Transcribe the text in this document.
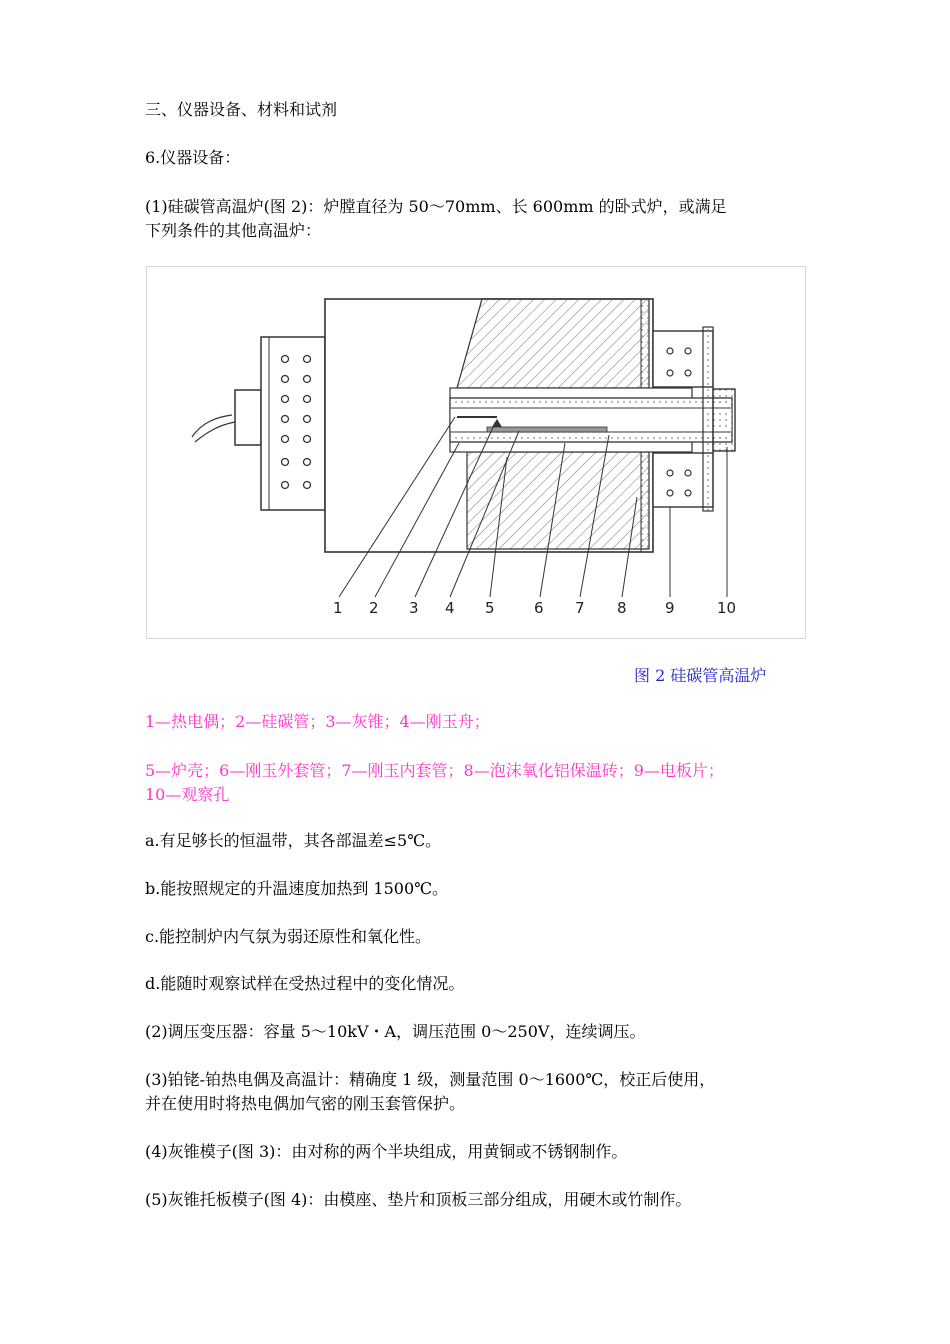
三、仪器设备、材料和试剂

6.仪器设备：

(1)硅碳管高温炉(图 2)：炉膛直径为 50～70mm、长 600mm 的卧式炉，或满足

下列条件的其他高温炉：

1 2 3 4 5	6 7 8	9	10
图 2 硅碳管高温炉

1—热电偶；2—硅碳管；3—灰锥；4—刚玉舟；

5—炉壳；6—刚玉外套管；7—刚玉内套管；8—泡沫氧化铝保温砖；9—电板片；

10—观察孔

a.有足够长的恒温带，其各部温差≤5℃。

b.能按照规定的升温速度加热到 1500℃。

c.能控制炉内气氛为弱还原性和氧化性。

d.能随时观察试样在受热过程中的变化情况。

(2)调压变压器：容量 5～10kV・A，调压范围 0～250V，连续调压。

(3)铂铑-铂热电偶及高温计：精确度 1 级，测量范围 0～1600℃，校正后使用，

并在使用时将热电偶加气密的刚玉套管保护。

(4)灰锥模子(图 3)：由对称的两个半块组成，用黄铜或不锈钢制作。

(5)灰锥托板模子(图 4)：由模座、垫片和顶板三部分组成，用硬木或竹制作。
